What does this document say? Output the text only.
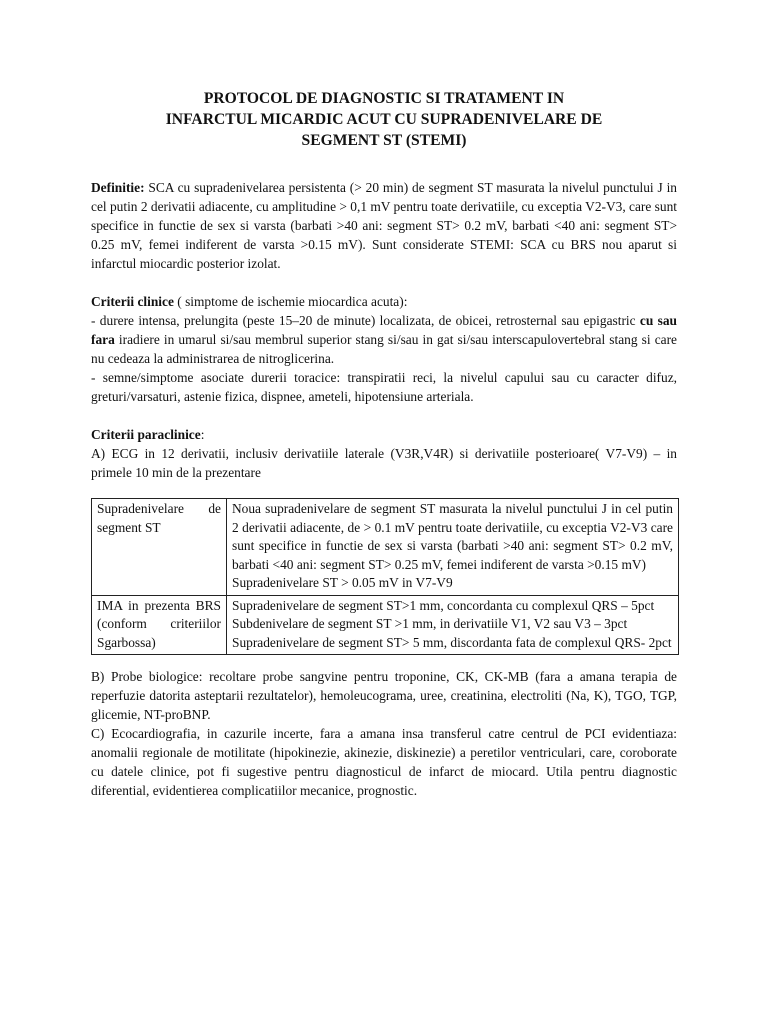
PROTOCOL DE DIAGNOSTIC SI TRATAMENT IN
INFARCTUL MICARDIC ACUT CU SUPRADENIVELARE DE
SEGMENT ST (STEMI)

Definitie: SCA cu supradenivelarea persistenta (> 20 min) de segment ST masurata la nivelul punctului J in cel putin 2 derivatii adiacente, cu amplitudine > 0,1 mV pentru toate derivatiile, cu exceptia V2-V3, care sunt specifice in functie de sex si varsta (barbati >40 ani: segment ST> 0.2 mV, barbati <40 ani: segment ST> 0.25 mV, femei indiferent de varsta >0.15 mV). Sunt considerate STEMI: SCA cu BRS nou aparut si infarctul miocardic posterior izolat.

Criterii clinice ( simptome de ischemie miocardica acuta):

- durere intensa, prelungita (peste 15–20 de minute) localizata, de obicei, retrosternal sau epigastric cu sau fara iradiere in umarul si/sau membrul superior stang si/sau in gat si/sau interscapulovertebral stang si care nu cedeaza la administrarea de nitroglicerina.

- semne/simptome asociate durerii toracice: transpiratii reci, la nivelul capului sau cu caracter difuz, greturi/varsaturi, astenie fizica, dispnee, ameteli, hipotensiune arteriala.

Criterii paraclinice:

A) ECG in 12 derivatii, inclusiv derivatiile laterale (V3R,V4R) si derivatiile posterioare( V7-V9) – in primele 10 min de la prezentare

Supradenivelare de segment ST	Noua supradenivelare de segment ST masurata la nivelul punctului J in cel putin 2 derivatii adiacente, de > 0.1 mV pentru toate derivatiile, cu exceptia V2-V3 care sunt specifice in functie de sex si varsta (barbati >40 ani: segment ST> 0.2 mV, barbati <40 ani: segment ST> 0.25 mV, femei indiferent de varsta >0.15 mV)
Supradenivelare ST > 0.05 mV in V7-V9

IMA in prezenta BRS (conform criteriilor Sgarbossa)	Supradenivelare de segment ST>1 mm, concordanta cu complexul QRS – 5pct
Subdenivelare de segment ST >1 mm, in derivatiile V1, V2 sau V3 – 3pct
Supradenivelare de segment ST> 5 mm, discordanta fata de complexul QRS- 2pct

B) Probe biologice: recoltare probe sangvine pentru troponine, CK, CK-MB (fara a amana terapia de reperfuzie datorita asteptarii rezultatelor), hemoleucograma, uree, creatinina, electroliti (Na, K), TGO, TGP, glicemie, NT-proBNP.

C) Ecocardiografia, in cazurile incerte, fara a amana insa transferul catre centrul de PCI evidentiaza: anomalii regionale de motilitate (hipokinezie, akinezie, diskinezie) a peretilor ventriculari, care, coroborate cu datele clinice, pot fi sugestive pentru diagnosticul de infarct de miocard. Utila pentru diagnostic diferential, evidentierea complicatiilor mecanice, prognostic.
